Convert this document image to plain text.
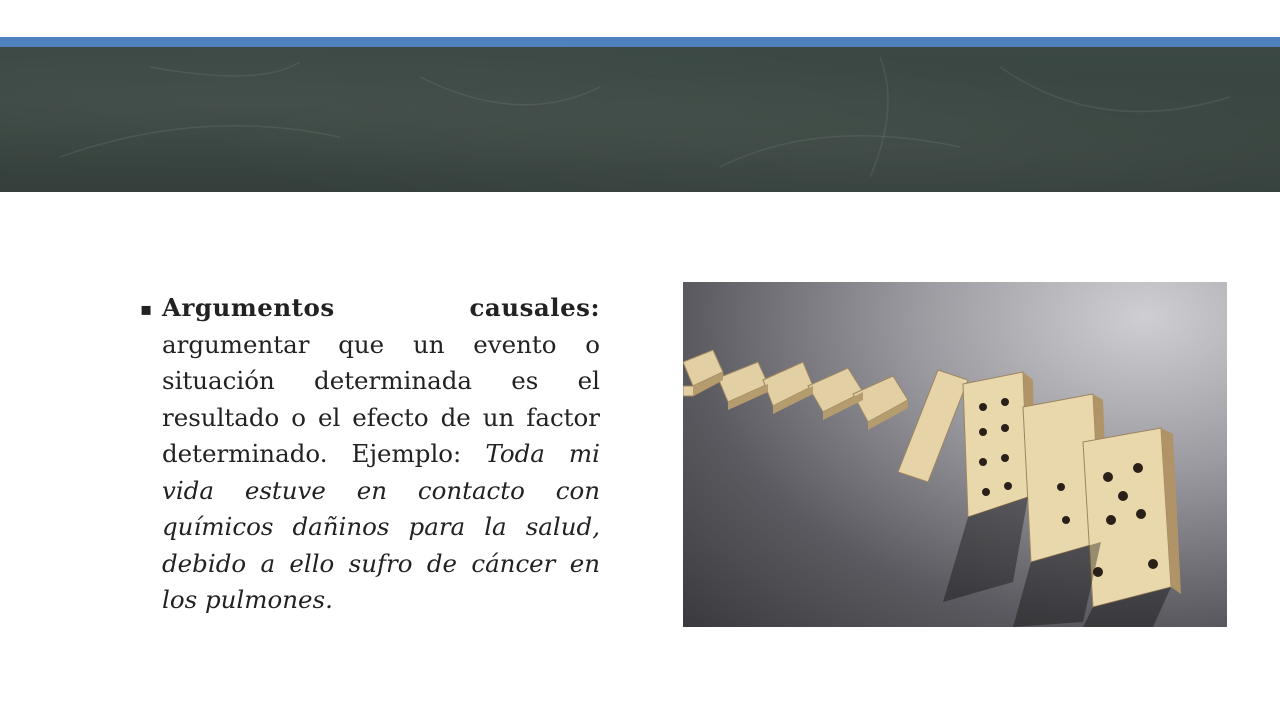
▪ Argumentos causales: argumentar que un evento o situación determinada es el resultado o el efecto de un factor determinado. Ejemplo: Toda mi vida estuve en contacto con químicos dañinos para la salud, debido a ello sufro de cáncer en los pulmones.
